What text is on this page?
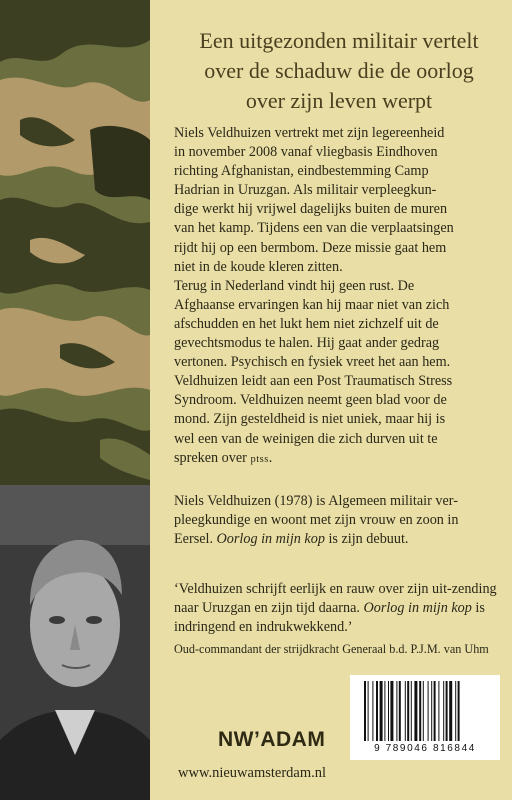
Een uitgezonden militair vertelt
over de schaduw die de oorlog
over zijn leven werpt

Niels Veldhuizen vertrekt met zijn legereenheid
in november 2008 vanaf vliegbasis Eindhoven
richting Afghanistan, eindbestemming Camp
Hadrian in Uruzgan. Als militair verpleegkun-
dige werkt hij vrijwel dagelijks buiten de muren
van het kamp. Tijdens een van die verplaatsingen
rijdt hij op een bermbom. Deze missie gaat hem
niet in de koude kleren zitten.
Terug in Nederland vindt hij geen rust. De
Afghaanse ervaringen kan hij maar niet van zich
afschudden en het lukt hem niet zichzelf uit de
gevechtsmodus te halen. Hij gaat ander gedrag
vertonen. Psychisch en fysiek vreet het aan hem.
Veldhuizen leidt aan een Post Traumatisch Stress
Syndroom. Veldhuizen neemt geen blad voor de
mond. Zijn gesteldheid is niet uniek, maar hij is
wel een van de weinigen die zich durven uit te
spreken over ptss.

Niels Veldhuizen (1978) is Algemeen militair ver-pleegkundige en woont met zijn vrouw en zoon in Eersel. Oorlog in mijn kop is zijn debuut.

‘Veldhuizen schrijft eerlijk en rauw over zijn uit-zending naar Uruzgan en zijn tijd daarna. Oorlog in mijn kop is indringend en indrukwekkend.’

Oud-commandant der strijdkracht Generaal b.d. P.J.M. van Uhm

9 789046 816844
NW’ADAM
www.nieuwamsterdam.nl
